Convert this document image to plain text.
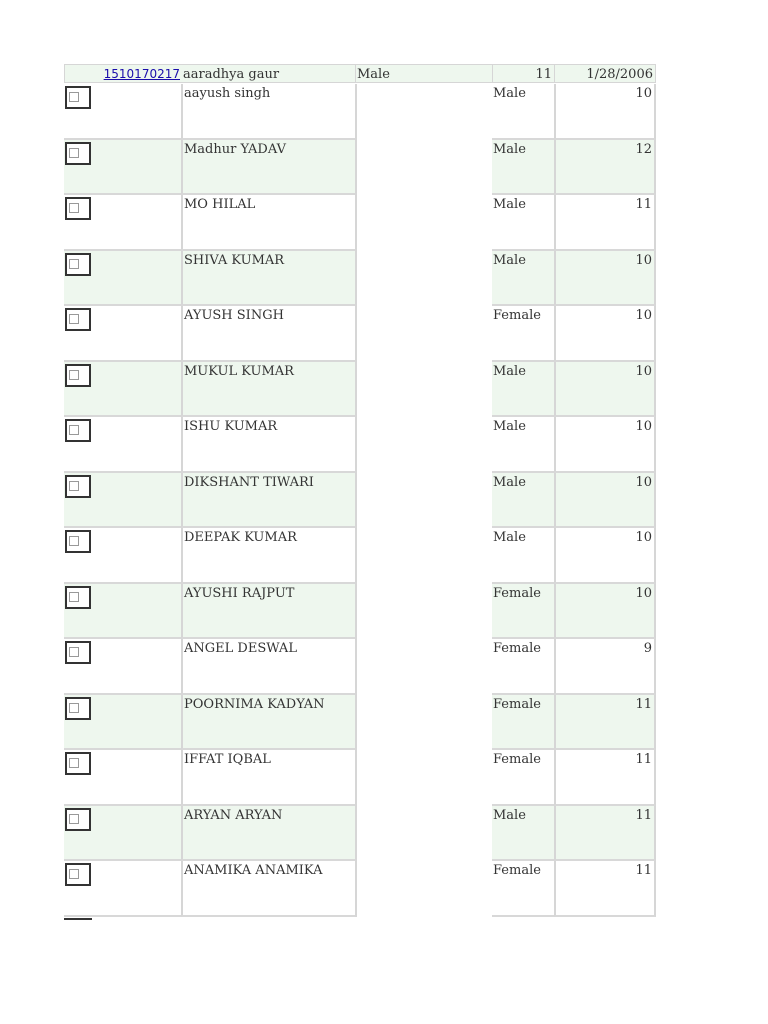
1510170217 aaradhya gaur	Male	11	1/28/2006
aayush singh	Male	10
Madhur YADAV	Male	12
MO HILAL	Male	11
SHIVA KUMAR	Male	10
AYUSH SINGH	Female	10
MUKUL KUMAR	Male	10
ISHU KUMAR	Male	10
DIKSHANT TIWARI	Male	10
DEEPAK KUMAR	Male	10
AYUSHI RAJPUT	Female	10
ANGEL DESWAL	Female	9
POORNIMA KADYAN	Female	11
IFFAT IQBAL	Female	11
ARYAN ARYAN	Male	11
ANAMIKA ANAMIKA	Female	11
